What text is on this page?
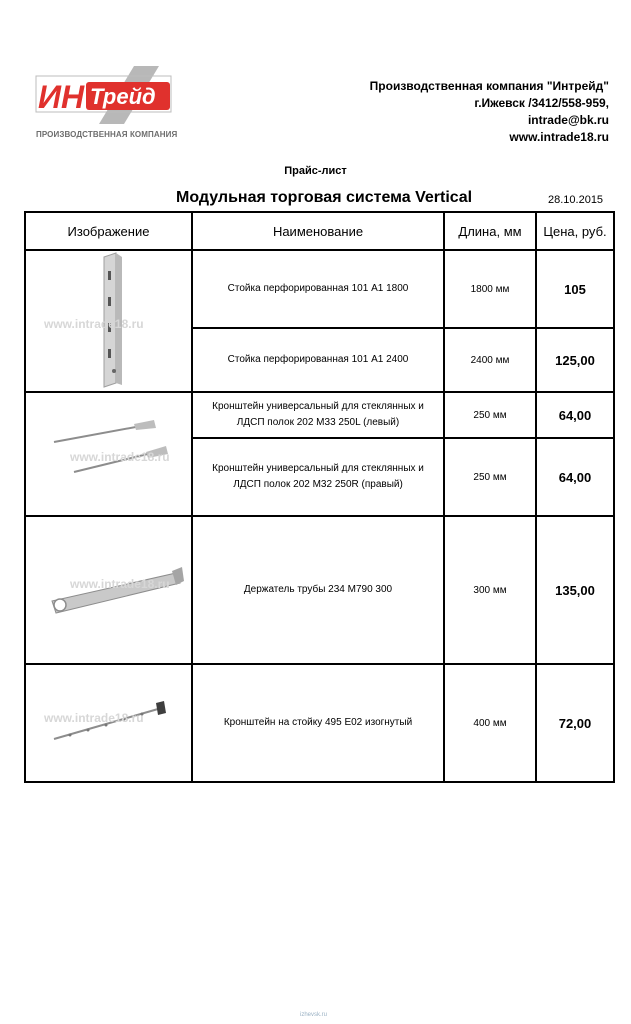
ИН Трейд
ПРОИЗВОДСТВЕННАЯ КОМПАНИЯ
Производственная компания "Интрейд"
г.Ижевск /3412/558-959,
intrade@bk.ru
www.intrade18.ru
Прайс-лист
Модульная торговая система Vertical	28.10.2015
Изображение	Наименование	Длина, мм	Цена, руб.

www.intrade18.ru	Стойка перфорированная 101 А1 1800	1800 мм	105
	Стойка перфорированная 101 А1 2400	2400 мм	125,00

www.intrade18.ru	Кронштейн универсальный для стеклянных и ЛДСП полок 202 М33 250L (левый)	250 мм	64,00
	Кронштейн универсальный для стеклянных и ЛДСП полок 202 М32 250R (правый)	250 мм	64,00

www.intrade18.ru	Держатель трубы 234 М790 300	300 мм	135,00

www.intrade18.ru	Кронштейн на стойку 495 Е02 изогнутый	400 мм	72,00
izhevsk.ru
